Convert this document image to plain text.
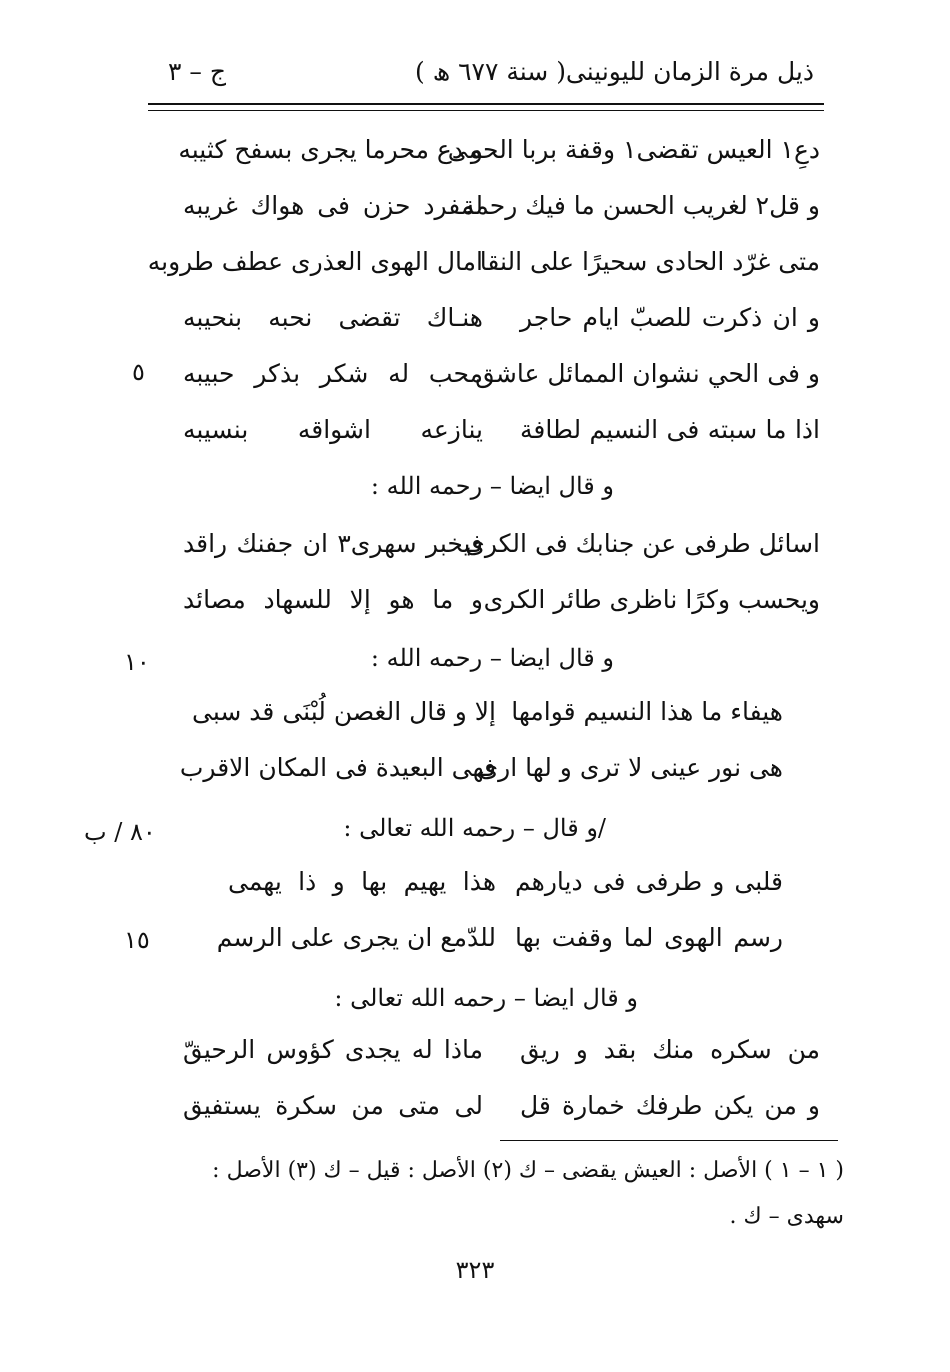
ذيل مرة الزمان لليونينى
( سنة ٦٧٧ ھ )
ج – ٣
دعِ١ العيس تقضى١ وقفة بربا الحمى
و دع محرما يجرى بسفح كثيبه
و قل٢ لغريب الحسن ما فيك رحمة
لمفرد حزن فى هواك غريبه
متى غرّد الحادى سحيرًا على النقا
امال الهوى العذرى عطف طروبه
و ان ذكرت للصبّ ايام حاجر
هنـاك تقضى نحبه بنحيبه
و فى الحي نشوان الممائل عاشق
محب له شكر بذكر حبيبه
اذا ما سبته فى النسيم لطافة
ينازعه اشواقه بنسيبه
و قال ايضا – رحمه الله :
اسائل طرفى عن جنابك فى الكرى
فيخبر سهرى٣ ان جفنك راقد
ويحسب وكرًا ناظرى طائر الكرى
و ما هو إلا للسهاد مصائد
و قال ايضا – رحمه الله :
هيفاء ما هذا النسيم قوامها
إلا و قال الغصن لُبْنَى قد سبى
هى نور عينى لا ترى و لها ارى
فهى البعيدة فى المكان الاقرب
/و قال – رحمه الله تعالى :
قلبى و طرفى فى ديارهم
هذا يهيم بها و ذا يهمى
رسم الهوى لما وقفت بها
للدّمع ان يجرى على الرسم
و قال ايضا – رحمه الله تعالى :
من سكره منك بقد و ريق
ماذا له يجدى كؤوس الرحيقّ
و من يكن طرفك خمارة قل
لى متى من سكرة يستفيق
٥
١٠
٨٠ / ب
١٥
( ١ – ١ ) الأصل : العيش يقضى – ك (٢) الأصل : قيل – ك (٣) الأصل :
سهدى – ك .
٣٢٣
